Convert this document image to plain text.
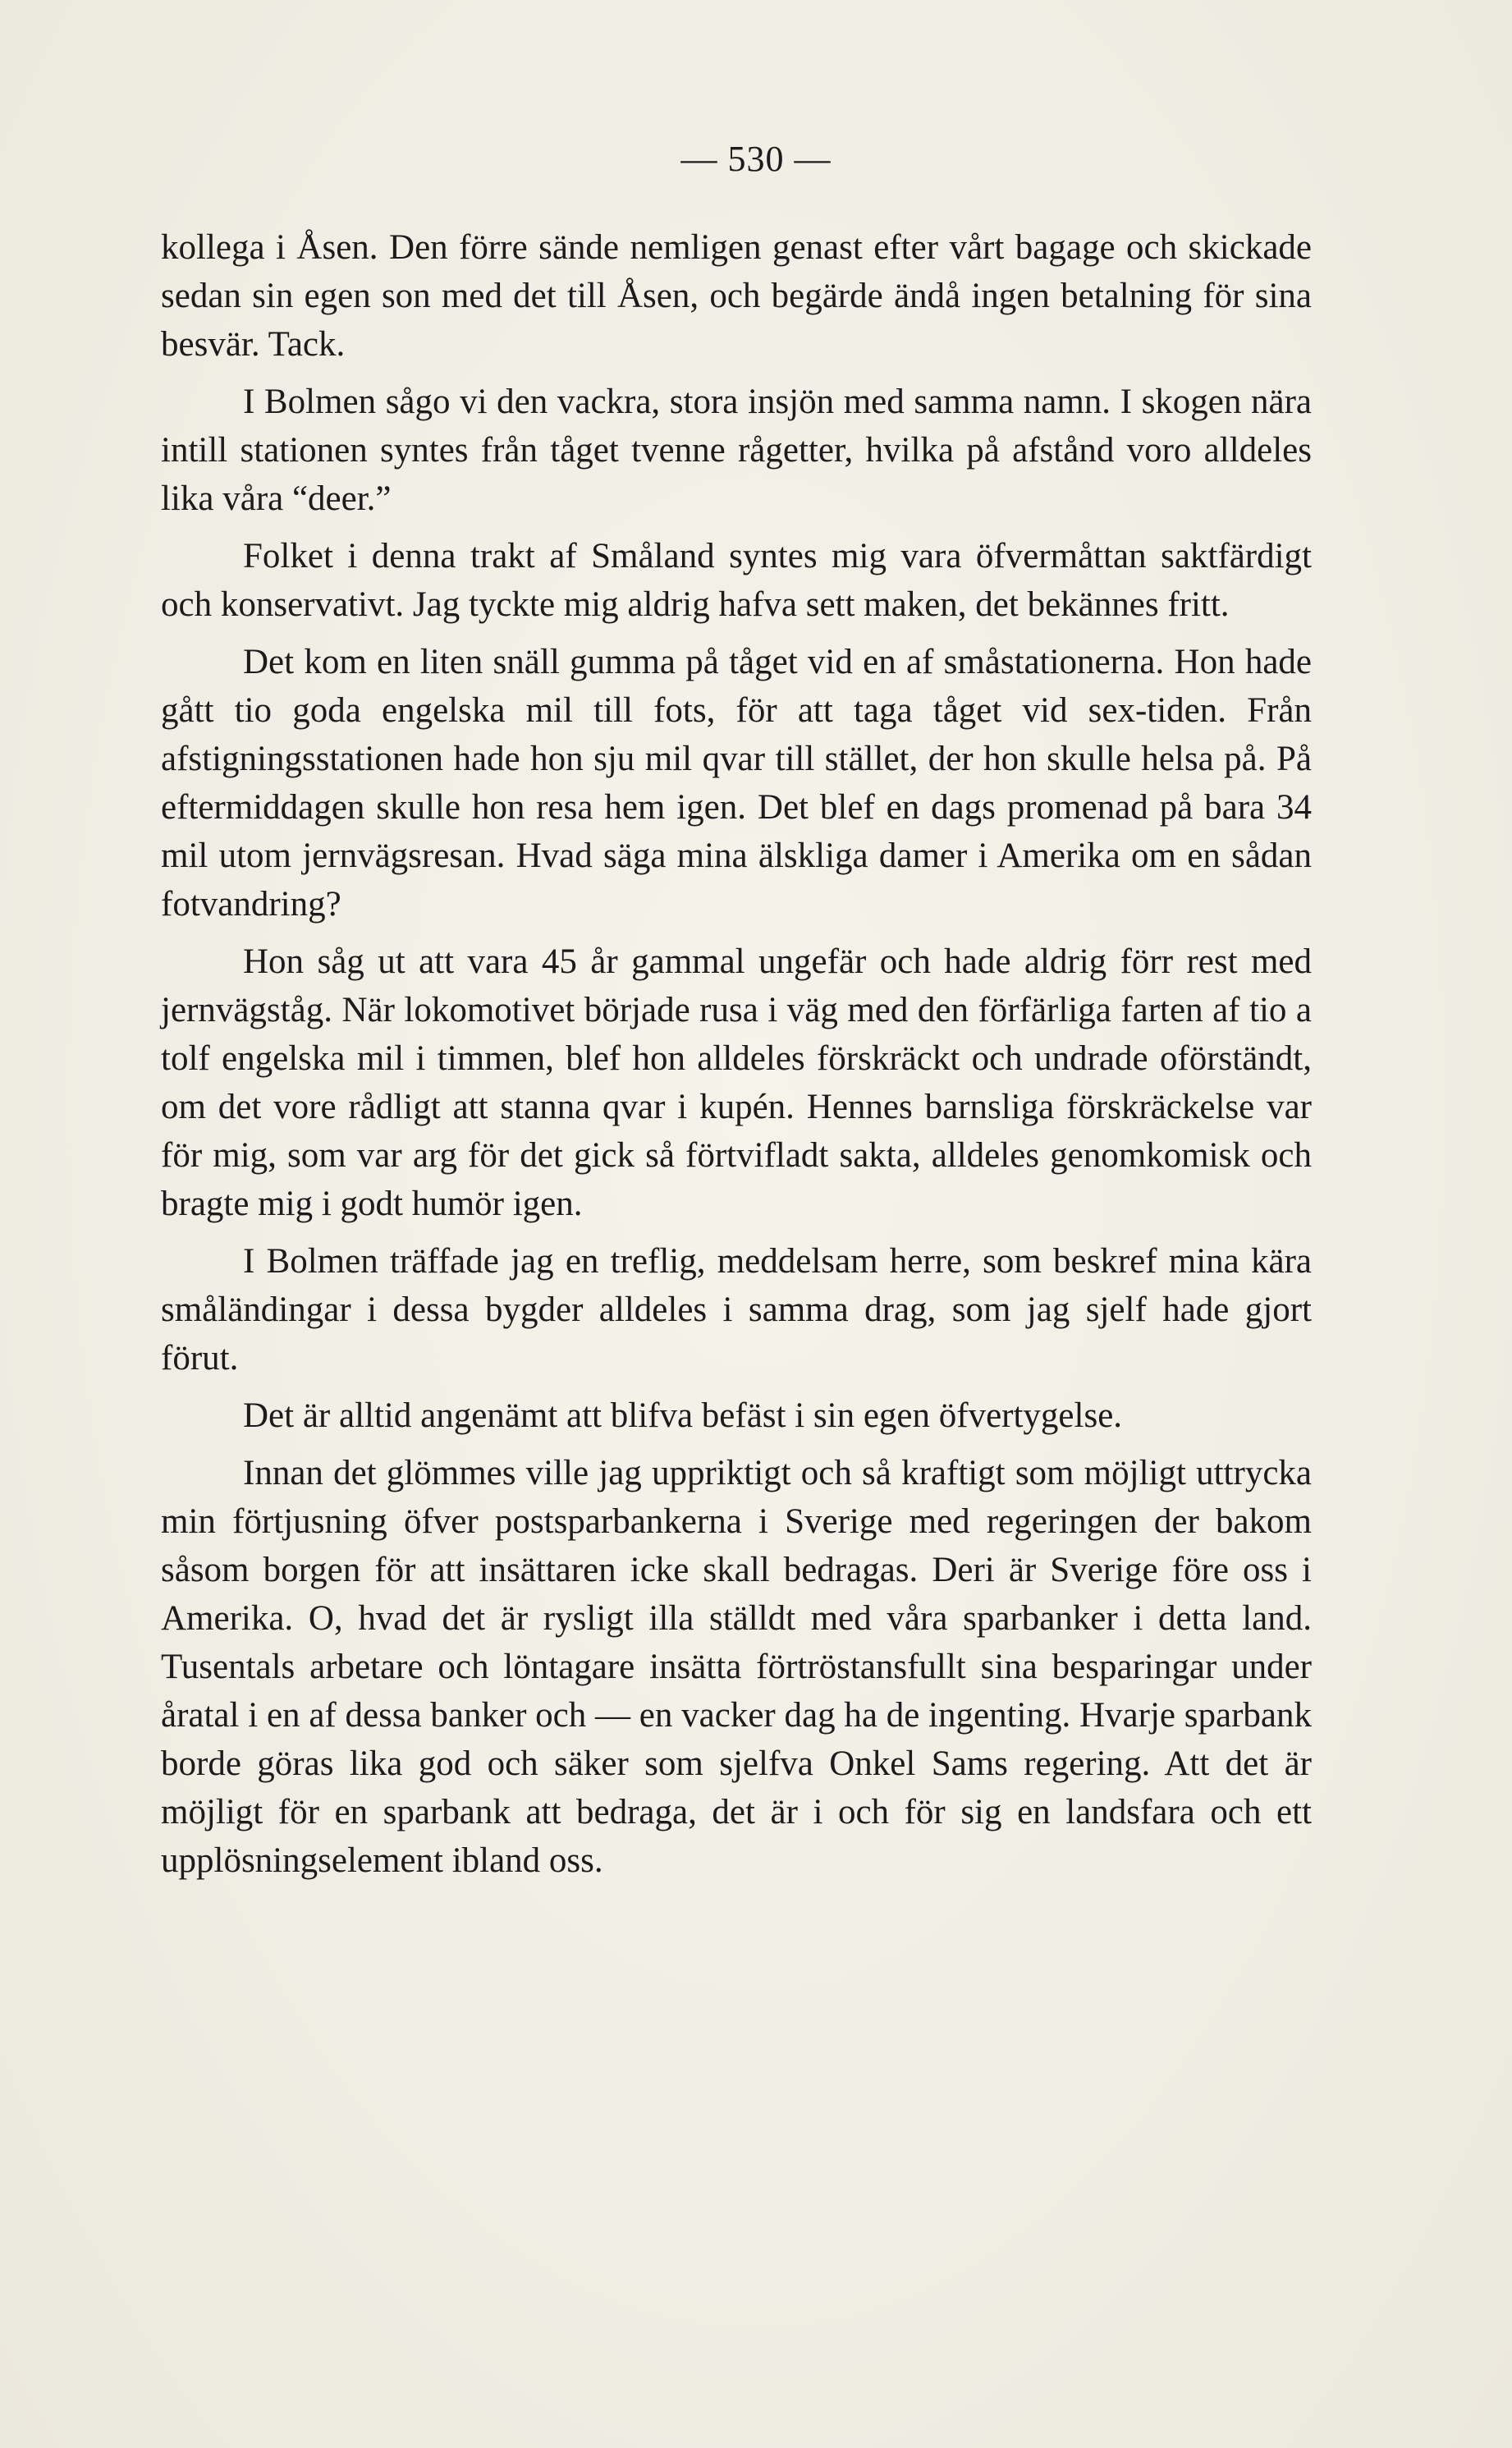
— 530 —

kollega i Åsen. Den förre sände nemligen genast efter vårt bagage och skickade sedan sin egen son med det till Åsen, och begärde ändå ingen betalning för sina besvär. Tack.

I Bolmen sågo vi den vackra, stora insjön med samma namn. I skogen nära intill stationen syntes från tåget tvenne rågetter, hvilka på afstånd voro alldeles lika våra “deer.”

Folket i denna trakt af Småland syntes mig vara öfvermåttan saktfärdigt och konservativt. Jag tyckte mig aldrig hafva sett maken, det bekännes fritt.

Det kom en liten snäll gumma på tåget vid en af småstationerna. Hon hade gått tio goda engelska mil till fots, för att taga tåget vid sex-tiden. Från afstigningsstationen hade hon sju mil qvar till stället, der hon skulle helsa på. På eftermiddagen skulle hon resa hem igen. Det blef en dags promenad på bara 34 mil utom jernvägsresan. Hvad säga mina älskliga damer i Amerika om en sådan fotvandring?

Hon såg ut att vara 45 år gammal ungefär och hade aldrig förr rest med jernvägståg. När lokomotivet började rusa i väg med den förfärliga farten af tio a tolf engelska mil i timmen, blef hon alldeles förskräckt och undrade oförständt, om det vore rådligt att stanna qvar i kupén. Hennes barnsliga förskräckelse var för mig, som var arg för det gick så förtvifladt sakta, alldeles genomkomisk och bragte mig i godt humör igen.

I Bolmen träffade jag en treflig, meddelsam herre, som beskref mina kära småländingar i dessa bygder alldeles i samma drag, som jag sjelf hade gjort förut.

Det är alltid angenämt att blifva befäst i sin egen öfvertygelse.

Innan det glömmes ville jag uppriktigt och så kraftigt som möjligt uttrycka min förtjusning öfver postsparbankerna i Sverige med regeringen der bakom såsom borgen för att insättaren icke skall bedragas. Deri är Sverige före oss i Amerika. O, hvad det är rysligt illa ställdt med våra sparbanker i detta land. Tusentals arbetare och löntagare insätta förtröstansfullt sina besparingar under åratal i en af dessa banker och — en vacker dag ha de ingenting. Hvarje sparbank borde göras lika god och säker som sjelfva Onkel Sams regering. Att det är möjligt för en sparbank att bedraga, det är i och för sig en landsfara och ett upplösningselement ibland oss.
